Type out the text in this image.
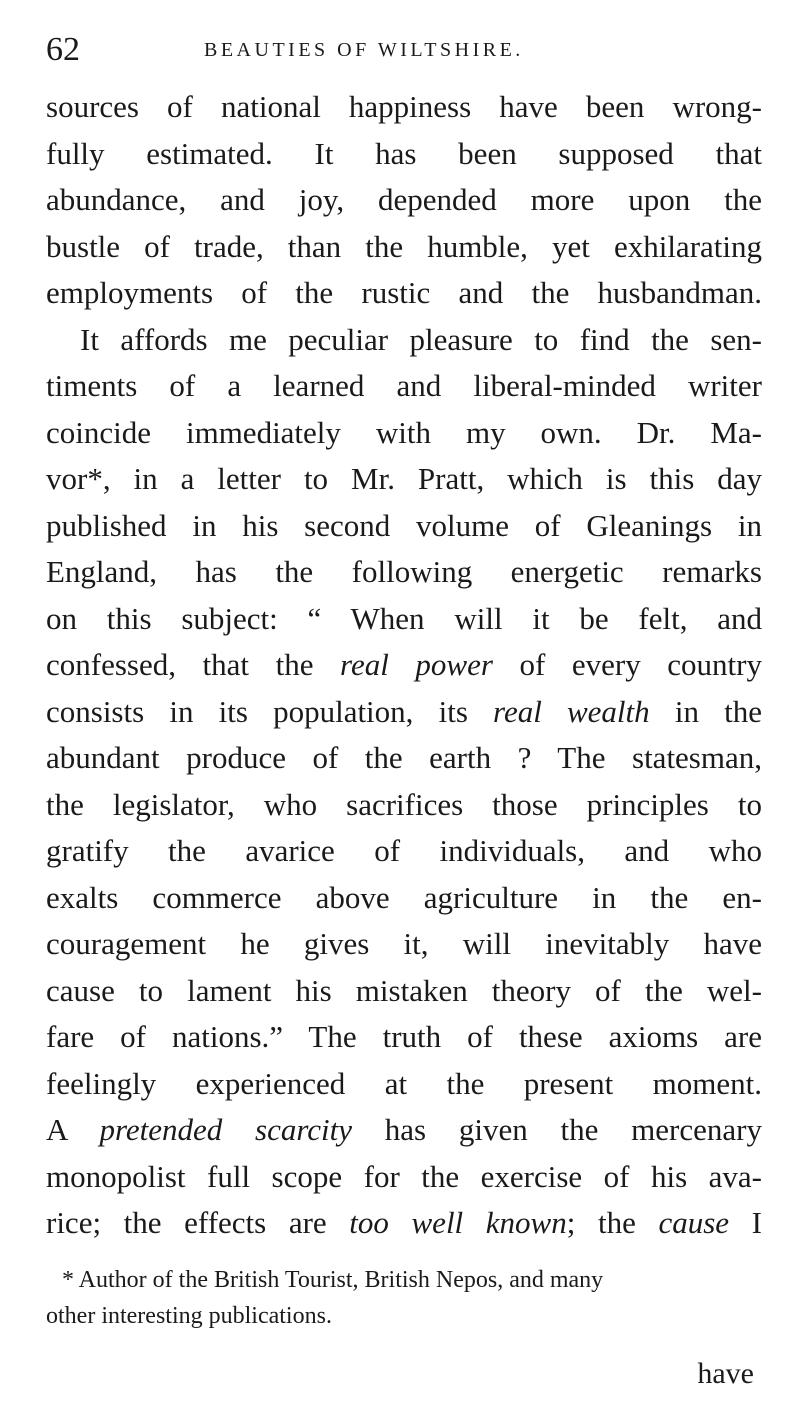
62	BEAUTIES OF WILTSHIRE.
sources of national happiness have been wrong-
fully estimated. It has been supposed that
abundance, and joy, depended more upon the
bustle of trade, than the humble, yet exhilarating
employments of the rustic and the husbandman.
It affords me peculiar pleasure to find the sen-
timents of a learned and liberal-minded writer
coincide immediately with my own. Dr. Ma-
vor*, in a letter to Mr. Pratt, which is this day
published in his second volume of Gleanings in
England, has the following energetic remarks
on this subject: “ When will it be felt, and
confessed, that the real power of every country
consists in its population, its real wealth in the
abundant produce of the earth ? The statesman,
the legislator, who sacrifices those principles to
gratify the avarice of individuals, and who
exalts commerce above agriculture in the en-
couragement he gives it, will inevitably have
cause to lament his mistaken theory of the wel-
fare of nations.” The truth of these axioms are
feelingly experienced at the present moment.
A pretended scarcity has given the mercenary
monopolist full scope for the exercise of his ava-
rice; the effects are too well known; the cause I
* Author of the British Tourist, British Nepos, and many
other interesting publications.
have
